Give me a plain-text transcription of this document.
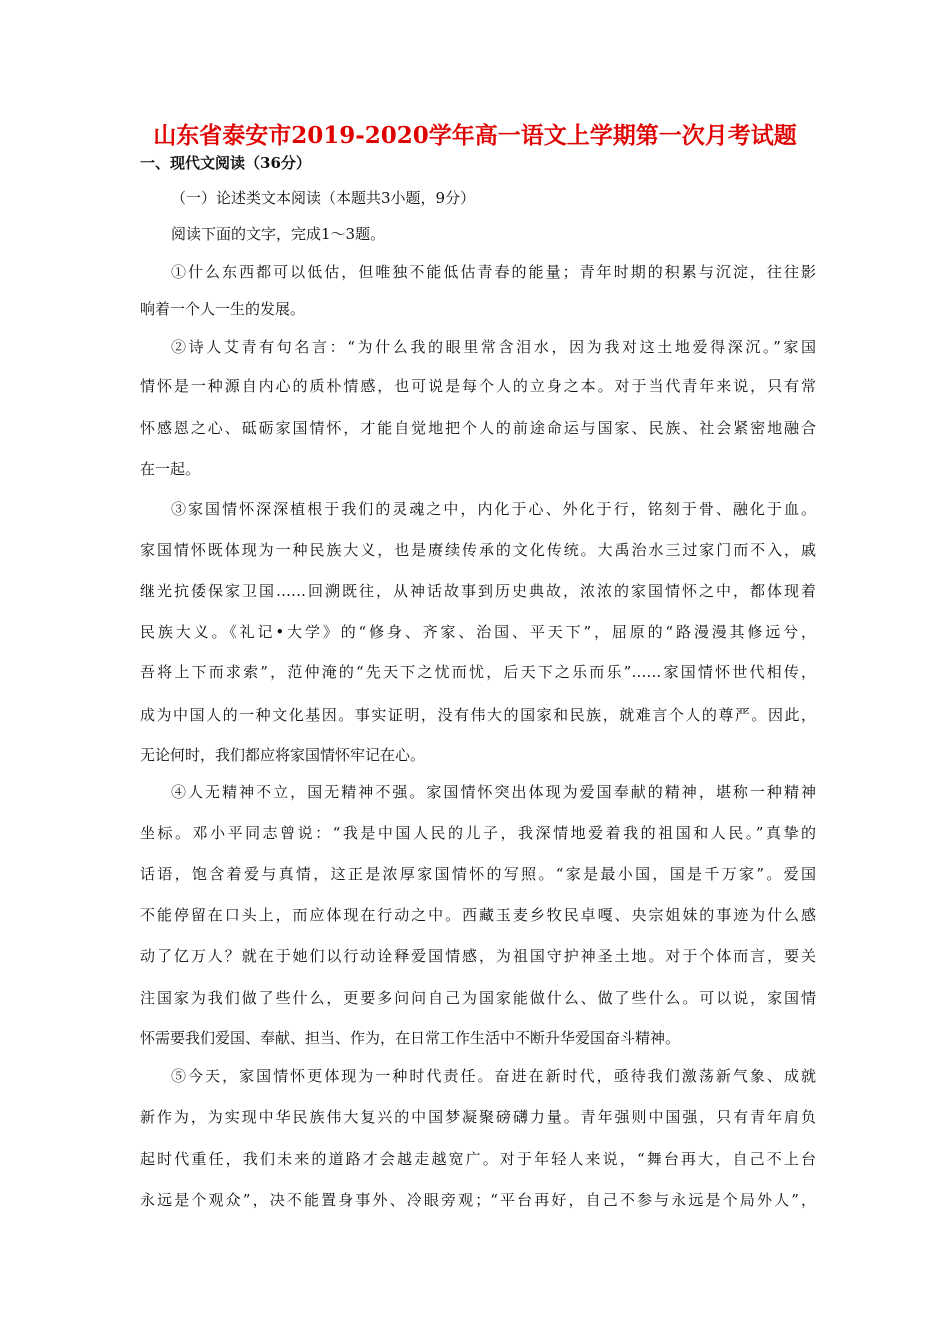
山东省泰安市2019-2020学年高一语文上学期第一次月考试题
一、现代文阅读（36分）
（一）论述类文本阅读（本题共3小题，9分）
阅读下面的文字，完成1～3题。
①什么东西都可以低估，但唯独不能低估青春的能量；青年时期的积累与沉淀，往往影
响着一个人一生的发展。
②诗人艾青有句名言：“为什么我的眼里常含泪水，因为我对这土地爱得深沉。”家国
情怀是一种源自内心的质朴情感，也可说是每个人的立身之本。对于当代青年来说，只有常
怀感恩之心、砥砺家国情怀，才能自觉地把个人的前途命运与国家、民族、社会紧密地融合
在一起。
③家国情怀深深植根于我们的灵魂之中，内化于心、外化于行，铭刻于骨、融化于血。
家国情怀既体现为一种民族大义，也是赓续传承的文化传统。大禹治水三过家门而不入，戚
继光抗倭保家卫国……回溯既往，从神话故事到历史典故，浓浓的家国情怀之中，都体现着
民族大义。《礼记•大学》的“修身、齐家、治国、平天下”，屈原的“路漫漫其修远兮，
吾将上下而求索”，范仲淹的“先天下之忧而忧，后天下之乐而乐”……家国情怀世代相传，
成为中国人的一种文化基因。事实证明，没有伟大的国家和民族，就难言个人的尊严。因此，
无论何时，我们都应将家国情怀牢记在心。
④人无精神不立，国无精神不强。家国情怀突出体现为爱国奉献的精神，堪称一种精神
坐标。邓小平同志曾说：“我是中国人民的儿子，我深情地爱着我的祖国和人民。”真挚的
话语，饱含着爱与真情，这正是浓厚家国情怀的写照。“家是最小国，国是千万家”。爱国
不能停留在口头上，而应体现在行动之中。西藏玉麦乡牧民卓嘎、央宗姐妹的事迹为什么感
动了亿万人？就在于她们以行动诠释爱国情感，为祖国守护神圣土地。对于个体而言，要关
注国家为我们做了些什么，更要多问问自己为国家能做什么、做了些什么。可以说，家国情
怀需要我们爱国、奉献、担当、作为，在日常工作生活中不断升华爱国奋斗精神。
⑤今天，家国情怀更体现为一种时代责任。奋进在新时代，亟待我们激荡新气象、成就
新作为，为实现中华民族伟大复兴的中国梦凝聚磅礴力量。青年强则中国强，只有青年肩负
起时代重任，我们未来的道路才会越走越宽广。对于年轻人来说，“舞台再大，自己不上台
永远是个观众”，决不能置身事外、冷眼旁观；“平台再好，自己不参与永远是个局外人”，
